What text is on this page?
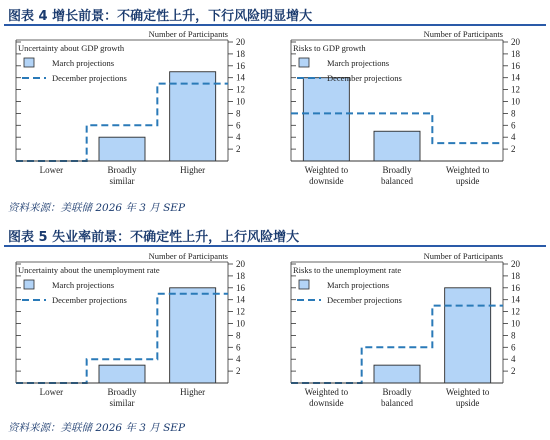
图表 4 增长前景：不确定性上升，下行风险明显增大
资料来源：美联储 2026 年 3 月 SEP
图表 5 失业率前景：不确定性上升，上行风险增大
资料来源：美联储 2026 年 3 月 SEP
Number of Participants
Uncertainty about GDP growth
2
4
6
8
10
12
14
16
18
20
Lower	Broadly
similar
Higher
March projections
December projections
Number of Participants
Risks to GDP growth
2
4
6
8
10
12
14
16
18
20
Weighted to
downside
Broadly
balanced
Weighted to
upside
March projections
December projections
Number of Participants
Uncertainty about the unemployment rate
2
4
6
8
10
12
14
16
18
20
Lower	Broadly
similar
Higher
March projections
December projections
Number of Participants
Risks to the unemployment rate
2
4
6
8
10
12
14
16
18
20
Weighted to
downside
Broadly
balanced
Weighted to
upside
March projections
December projections
